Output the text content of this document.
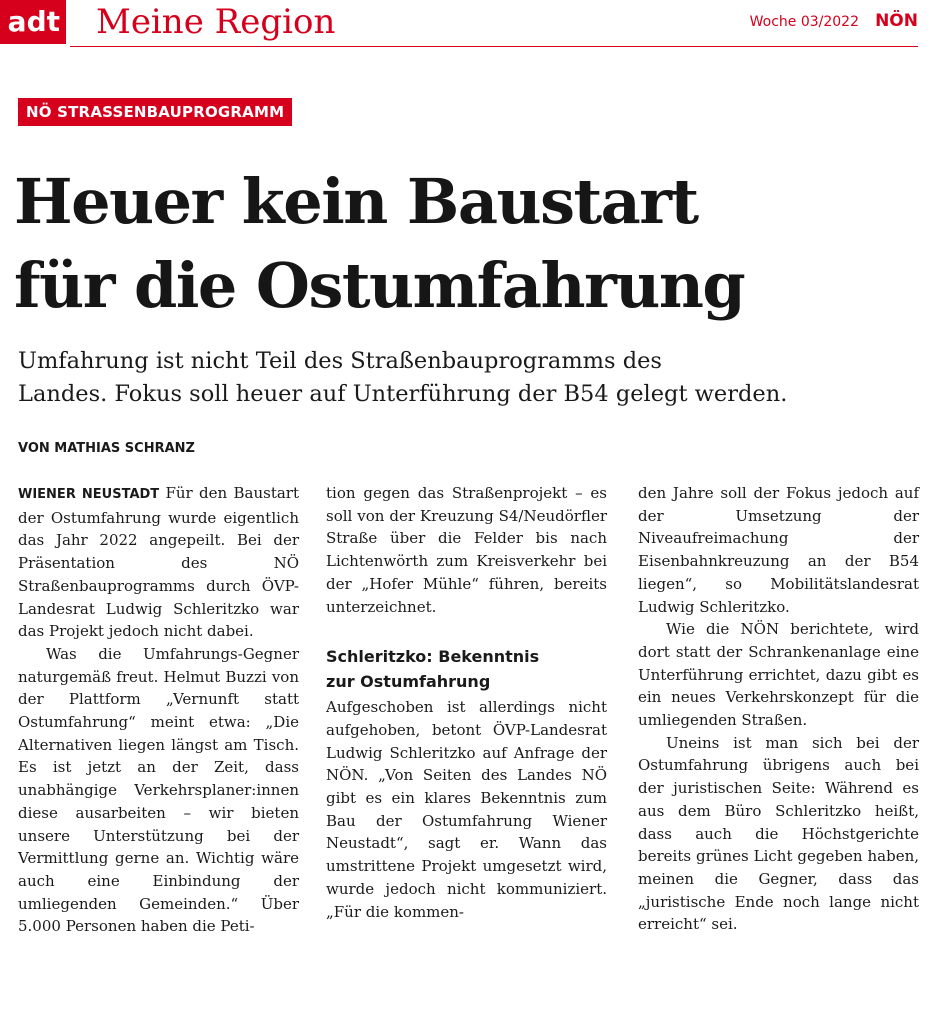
adt Meine Region	Woche 03/2022 NÖN
NÖ STRASSENBAUPROGRAMM
Heuer kein Baustart
für die Ostumfahrung
Umfahrung ist nicht Teil des Straßenbauprogramms des
Landes. Fokus soll heuer auf Unterführung der B54 gelegt werden.
VON MATHIAS SCHRANZ

WIENER NEUSTADT Für den Baustart der Ostumfahrung wurde eigentlich das Jahr 2022 angepeilt. Bei der Präsentation des NÖ Straßenbauprogramms durch ÖVP-Landesrat Ludwig Schleritzko war das Projekt jedoch nicht dabei.

Was die Umfahrungs-Gegner naturgemäß freut. Helmut Buzzi von der Plattform „Vernunft statt Ostumfahrung“ meint etwa: „Die Alternativen liegen längst am Tisch. Es ist jetzt an der Zeit, dass unabhängige Verkehrsplaner:innen diese ausarbeiten – wir bieten unsere Unterstützung bei der Vermittlung gerne an. Wichtig wäre auch eine Einbindung der umliegenden Gemeinden.“ Über 5.000 Personen haben die Peti-

tion gegen das Straßenprojekt – es soll von der Kreuzung S4/Neudörfler Straße über die Felder bis nach Lichtenwörth zum Kreisverkehr bei der „Hofer Mühle“ führen, bereits unterzeichnet.

Schleritzko: Bekenntnis
zur Ostumfahrung

Aufgeschoben ist allerdings nicht aufgehoben, betont ÖVP-Landesrat Ludwig Schleritzko auf Anfrage der NÖN. „Von Seiten des Landes NÖ gibt es ein klares Bekenntnis zum Bau der Ostumfahrung Wiener Neustadt“, sagt er. Wann das umstrittene Projekt umgesetzt wird, wurde jedoch nicht kommuniziert. „Für die kommen-

den Jahre soll der Fokus jedoch auf der Umsetzung der Niveaufreimachung der Eisenbahnkreuzung an der B54 liegen“, so Mobilitätslandesrat Ludwig Schleritzko.

Wie die NÖN berichtete, wird dort statt der Schrankenanlage eine Unterführung errichtet, dazu gibt es ein neues Verkehrskonzept für die umliegenden Straßen.

Uneins ist man sich bei der Ostumfahrung übrigens auch bei der juristischen Seite: Während es aus dem Büro Schleritzko heißt, dass auch die Höchstgerichte bereits grünes Licht gegeben haben, meinen die Gegner, dass das „juristische Ende noch lange nicht erreicht“ sei.
